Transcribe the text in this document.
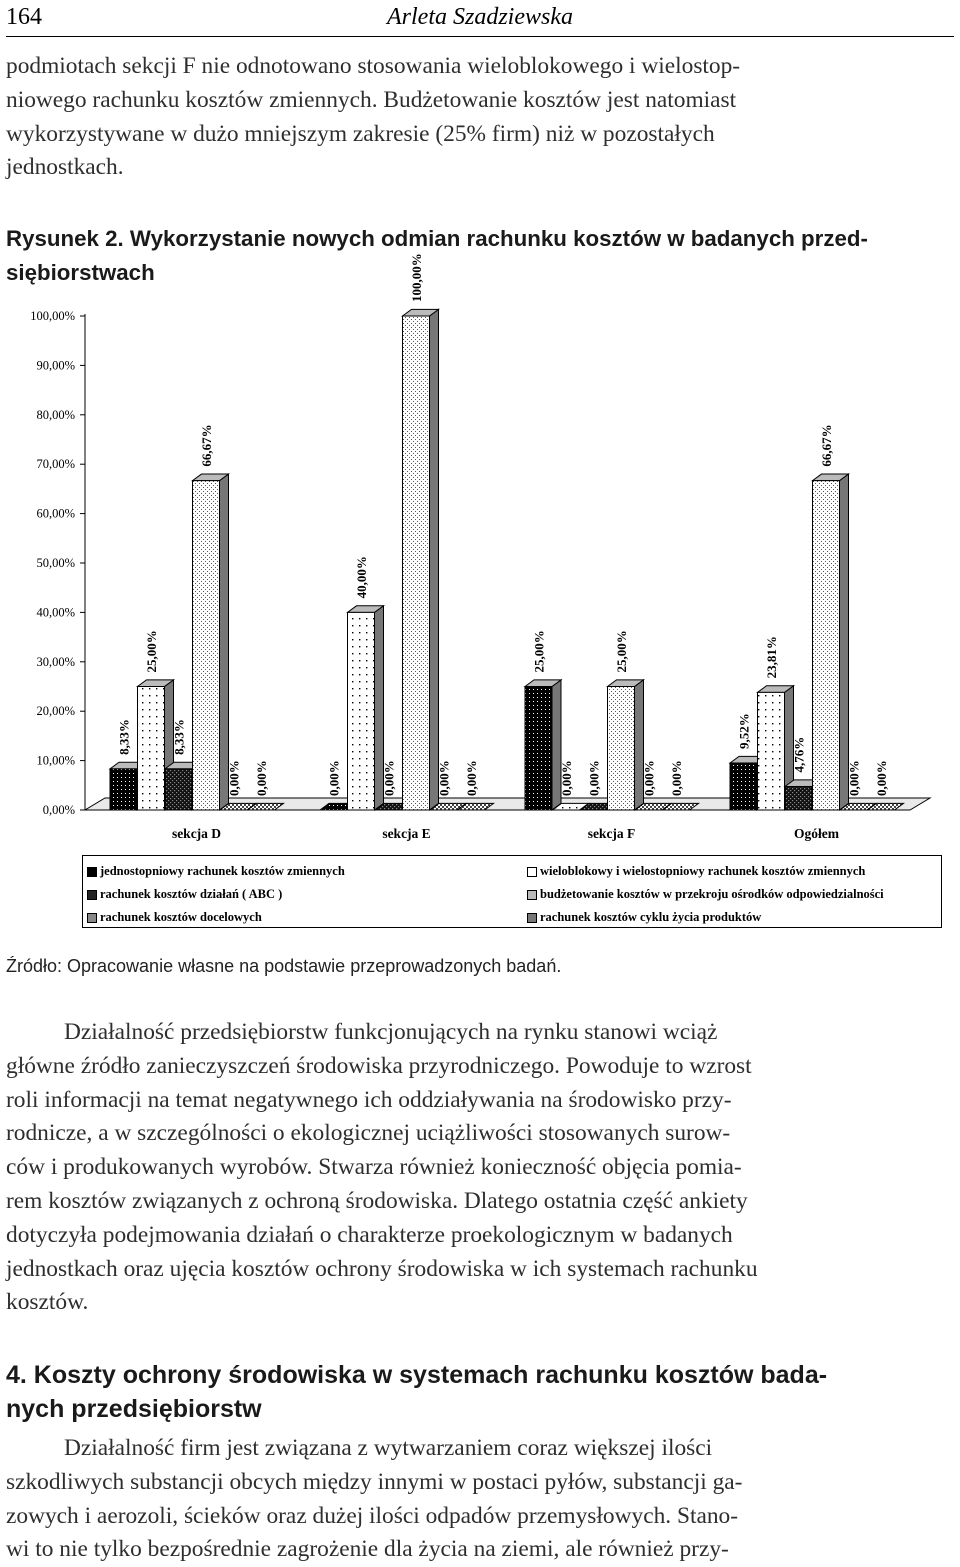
164	Arleta Szadziewska
podmiotach sekcji F nie odnotowano stosowania wieloblokowego i wielostop-
niowego rachunku kosztów zmiennych. Budżetowanie kosztów jest natomiast
wykorzystywane w dużo mniejszym zakresie (25% firm) niż w pozostałych
jednostkach.
Rysunek 2. Wykorzystanie nowych odmian rachunku kosztów w badanych przed-
siębiorstwach
0,00%
10,00%
20,00%
30,00%
40,00%
50,00%
60,00%
70,00%
80,00%
90,00%
100,00%
8,33%
0,00%
25,00%
9,52%
25,00%
40,00%
0,00%
23,81%
8,33%
0,00%	0,00%
4,76%
66,67%
100,00%
25,00%
66,67%
0,00%	0,00%	0,00%	0,00%
0,00%	0,00%	0,00%	0,00%
sekcja D	sekcja E	sekcja F	Ogółem
jednostopniowy rachunek kosztów zmiennych	wieloblokowy i wielostopniowy rachunek kosztów zmiennych
rachunek kosztów działań ( ABC )	budżetowanie kosztów w przekroju ośrodków odpowiedzialności
rachunek kosztów docelowych	rachunek kosztów cyklu życia produktów
Źródło: Opracowanie własne na podstawie przeprowadzonych badań.
Działalność przedsiębiorstw funkcjonujących na rynku stanowi wciąż
główne źródło zanieczyszczeń środowiska przyrodniczego. Powoduje to wzrost
roli informacji na temat negatywnego ich oddziaływania na środowisko przy-
rodnicze, a w szczególności o ekologicznej uciążliwości stosowanych surow-
ców i produkowanych wyrobów. Stwarza również konieczność objęcia pomia-
rem kosztów związanych z ochroną środowiska. Dlatego ostatnia część ankiety
dotyczyła podejmowania działań o charakterze proekologicznym w badanych
jednostkach oraz ujęcia kosztów ochrony środowiska w ich systemach rachunku
kosztów.
4. Koszty ochrony środowiska w systemach rachunku kosztów bada-
nych przedsiębiorstw
Działalność firm jest związana z wytwarzaniem coraz większej ilości
szkodliwych substancji obcych między innymi w postaci pyłów, substancji ga-
zowych i aerozoli, ścieków oraz dużej ilości odpadów przemysłowych. Stano-
wi to nie tylko bezpośrednie zagrożenie dla życia na ziemi, ale również przy-
